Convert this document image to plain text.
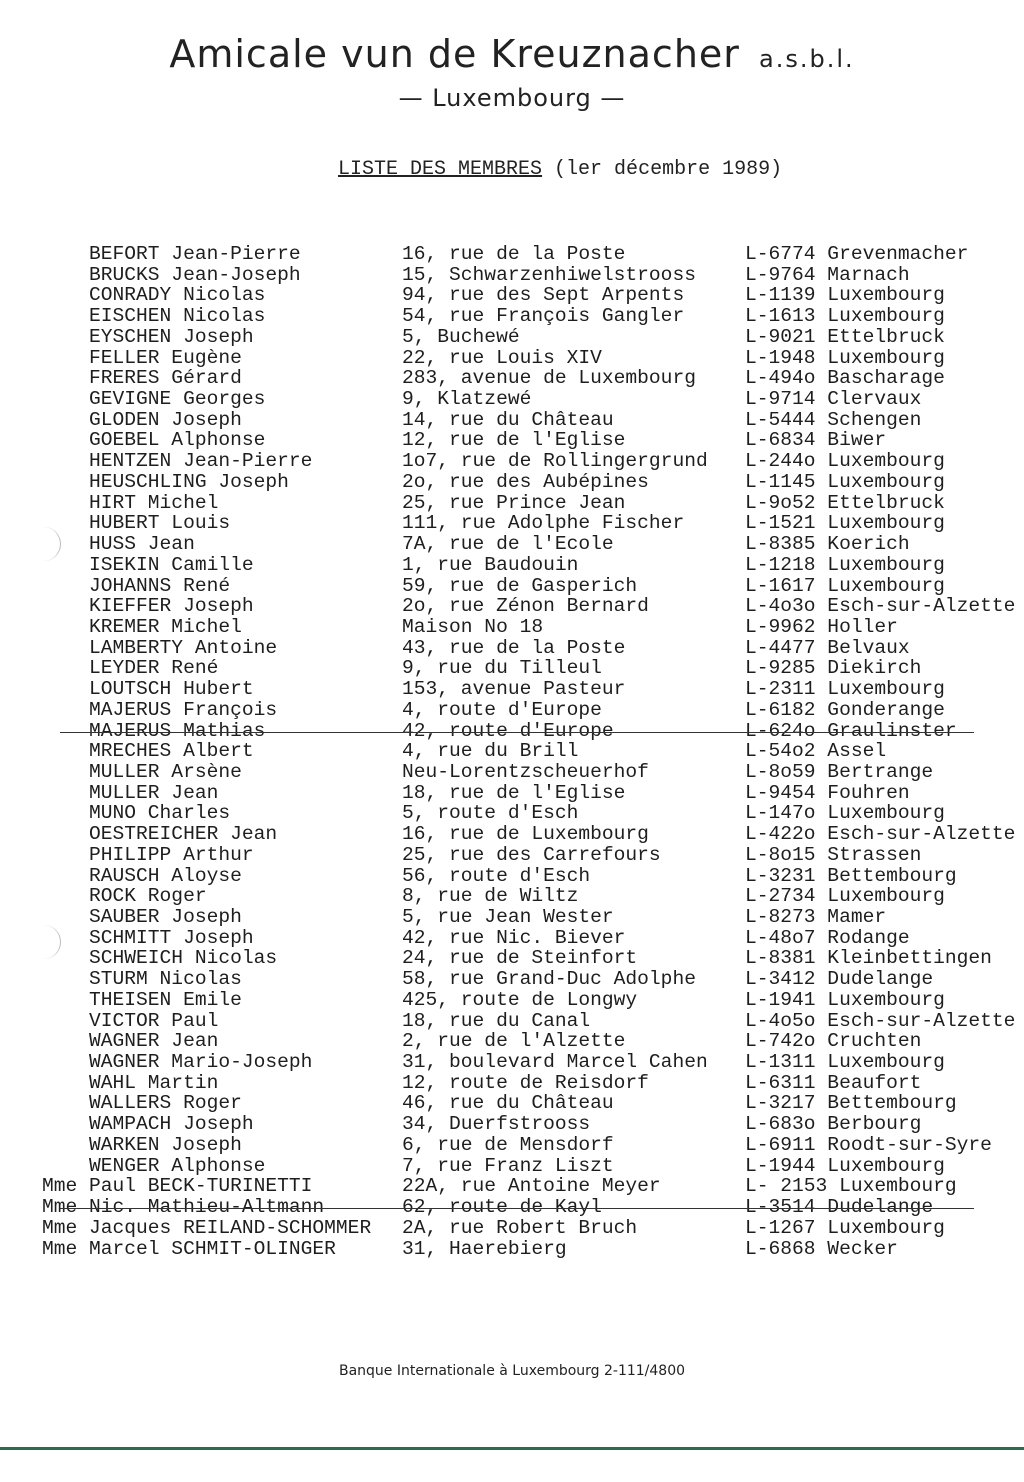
Amicale vun de Kreuznacher a.s.b.l.
— Luxembourg —
LISTE DES MEMBRES (ler décembre 1989)
BEFORT Jean-Pierre	16, rue de la Poste	L-6774 Grevenmacher
BRUCKS Jean-Joseph	15, Schwarzenhiwelstrooss	L-9764 Marnach
CONRADY Nicolas	94, rue des Sept Arpents	L-1139 Luxembourg
EISCHEN Nicolas	54, rue François Gangler	L-1613 Luxembourg
EYSCHEN Joseph	5, Buchewé	L-9021 Ettelbruck
FELLER Eugène	22, rue Louis XIV	L-1948 Luxembourg
FRERES Gérard	283, avenue de Luxembourg	L-494o Bascharage
GEVIGNE Georges	9, Klatzewé	L-9714 Clervaux
GLODEN Joseph	14, rue du Château	L-5444 Schengen
GOEBEL Alphonse	12, rue de l'Eglise	L-6834 Biwer
HENTZEN Jean-Pierre	1o7, rue de Rollingergrund L-244o Luxembourg
HEUSCHLING Joseph	2o, rue des Aubépines	L-1145 Luxembourg
HIRT Michel	25, rue Prince Jean	L-9o52 Ettelbruck
HUBERT Louis	111, rue Adolphe Fischer	L-1521 Luxembourg
HUSS Jean	7A, rue de l'Ecole	L-8385 Koerich
ISEKIN Camille	1, rue Baudouin	L-1218 Luxembourg
JOHANNS René	59, rue de Gasperich	L-1617 Luxembourg
KIEFFER Joseph	2o, rue Zénon Bernard	L-4o3o Esch-sur-Alzette
KREMER Michel	Maison No 18	L-9962 Holler
LAMBERTY Antoine	43, rue de la Poste	L-4477 Belvaux
LEYDER René	9, rue du Tilleul	L-9285 Diekirch
LOUTSCH Hubert	153, avenue Pasteur	L-2311 Luxembourg
MAJERUS François	4, route d'Europe	L-6182 Gonderange
MAJERUS Mathias	42, route d'Europe	L-624o Graulinster
MRECHES Albert	4, rue du Brill	L-54o2 Assel
MULLER Arsène	Neu-Lorentzscheuerhof	L-8o59 Bertrange
MULLER Jean	18, rue de l'Eglise	L-9454 Fouhren
MUNO Charles	5, route d'Esch	L-147o Luxembourg
OESTREICHER Jean	16, rue de Luxembourg	L-422o Esch-sur-Alzette
PHILIPP Arthur	25, rue des Carrefours	L-8o15 Strassen
RAUSCH Aloyse	56, route d'Esch	L-3231 Bettembourg
ROCK Roger	8, rue de Wiltz	L-2734 Luxembourg
SAUBER Joseph	5, rue Jean Wester	L-8273 Mamer
SCHMITT Joseph	42, rue Nic. Biever	L-48o7 Rodange
SCHWEICH Nicolas	24, rue de Steinfort	L-8381 Kleinbettingen
STURM Nicolas	58, rue Grand-Duc Adolphe	L-3412 Dudelange
THEISEN Emile	425, route de Longwy	L-1941 Luxembourg
VICTOR Paul	18, rue du Canal	L-4o5o Esch-sur-Alzette
WAGNER Jean	2, rue de l'Alzette	L-742o Cruchten
WAGNER Mario-Joseph	31, boulevard Marcel Cahen L-1311 Luxembourg
WAHL Martin	12, route de Reisdorf	L-6311 Beaufort
WALLERS Roger	46, rue du Château	L-3217 Bettembourg
WAMPACH Joseph	34, Duerfstrooss	L-683o Berbourg
WARKEN Joseph	6, rue de Mensdorf	L-6911 Roodt-sur-Syre
WENGER Alphonse	7, rue Franz Liszt	L-1944 Luxembourg
Mme Paul BECK-TURINETTI	22A, rue Antoine Meyer	L- 2153 Luxembourg
Mme Nic. Mathieu-Altmann	62, route de Kayl	L-3514 Dudelange
Mme Jacques REILAND-SCHOMMER 2A, rue Robert Bruch	L-1267 Luxembourg
Mme Marcel SCHMIT-OLINGER	31, Haerebierg	L-6868 Wecker
Banque Internationale à Luxembourg 2-111/4800
